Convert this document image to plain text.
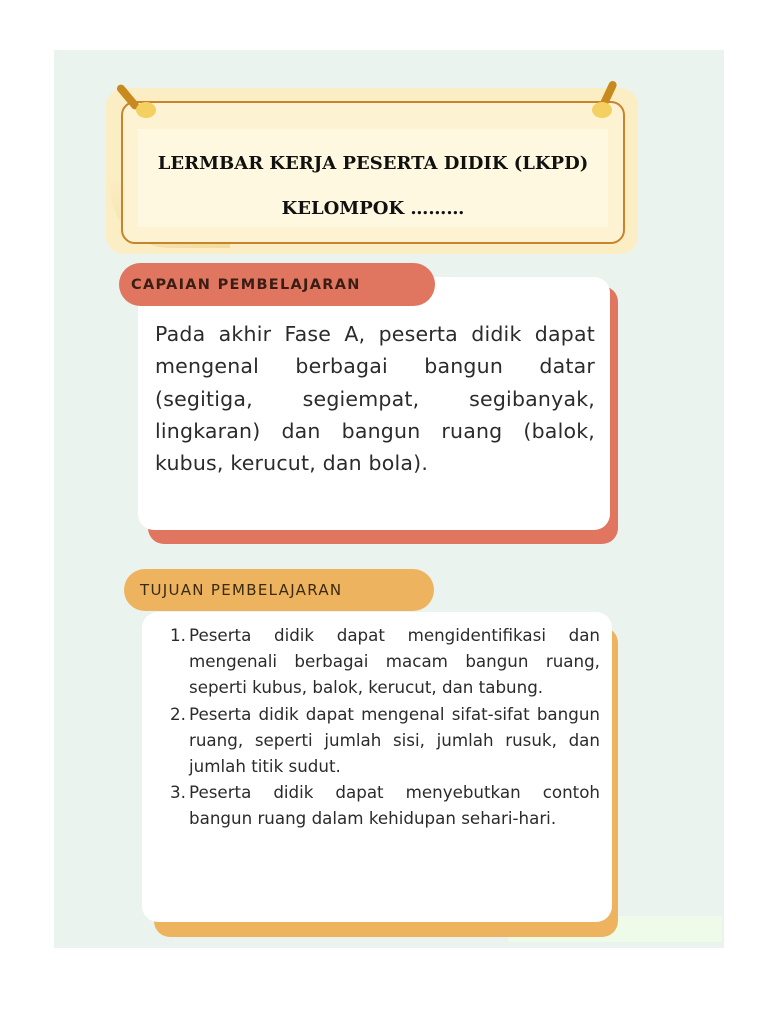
LERMBAR KERJA PESERTA DIDIK (LKPD)
KELOMPOK ………
CAPAIAN PEMBELAJARAN
Pada akhir Fase A, peserta didik dapat mengenal berbagai bangun datar (segitiga, segiempat, segibanyak, lingkaran) dan bangun ruang (balok, kubus, kerucut, dan bola).
TUJUAN PEMBELAJARAN
1. Peserta didik dapat mengidentifikasi dan mengenali berbagai macam bangun ruang, seperti kubus, balok, kerucut, dan tabung.
2. Peserta didik dapat mengenal sifat-sifat bangun ruang, seperti jumlah sisi, jumlah rusuk, dan jumlah titik sudut.
3. Peserta didik dapat menyebutkan contoh bangun ruang dalam kehidupan sehari-hari.
